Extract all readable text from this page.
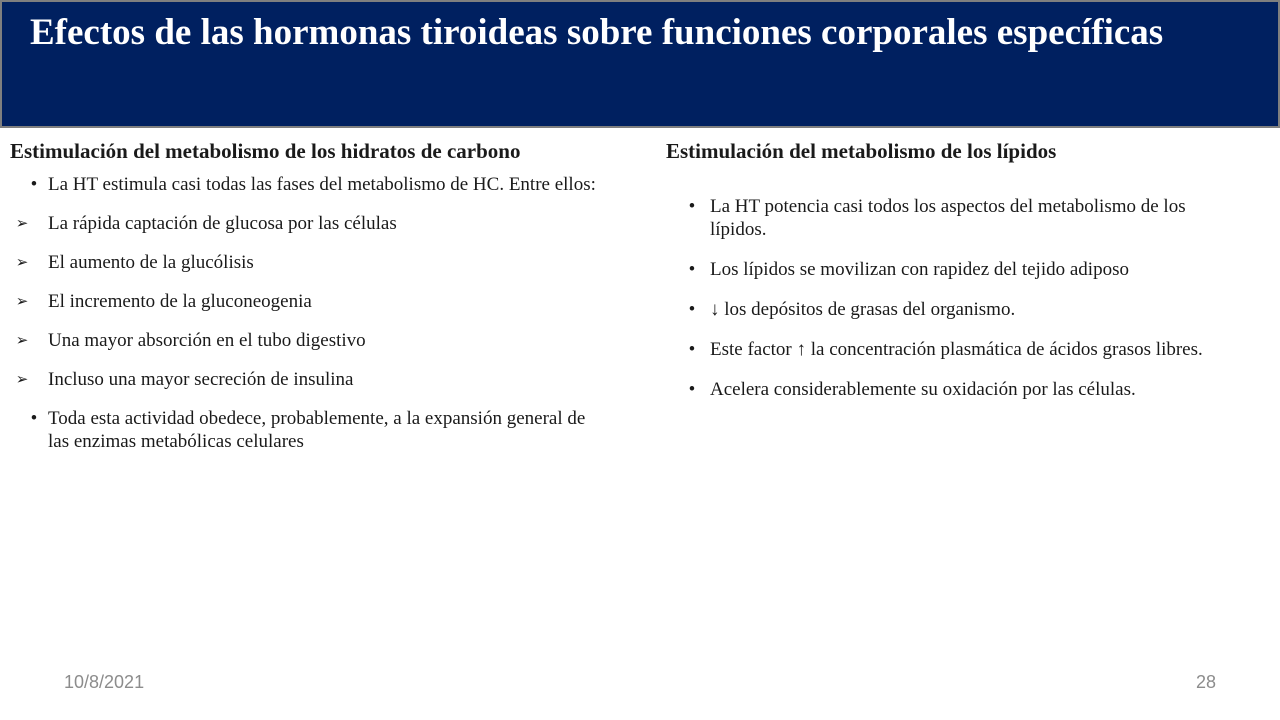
Efectos de las hormonas tiroideas sobre funciones corporales específicas
Estimulación del metabolismo de los hidratos de carbono
• La HT estimula casi todas las fases del metabolismo de HC. Entre ellos:
➢ La rápida captación de glucosa por las células
➢ El aumento de la glucólisis
➢ El incremento de la gluconeogenia
➢ Una mayor absorción en el tubo digestivo
➢ Incluso una mayor secreción de insulina
• Toda esta actividad obedece, probablemente, a la expansión general de las enzimas metabólicas celulares
Estimulación del metabolismo de los lípidos
• La HT potencia casi todos los aspectos del metabolismo de los lípidos.
• Los lípidos se movilizan con rapidez del tejido adiposo
• ↓ los depósitos de grasas del organismo.
• Este factor ↑ la concentración plasmática de ácidos grasos libres.
• Acelera considerablemente su oxidación por las células.
10/8/2021	28
